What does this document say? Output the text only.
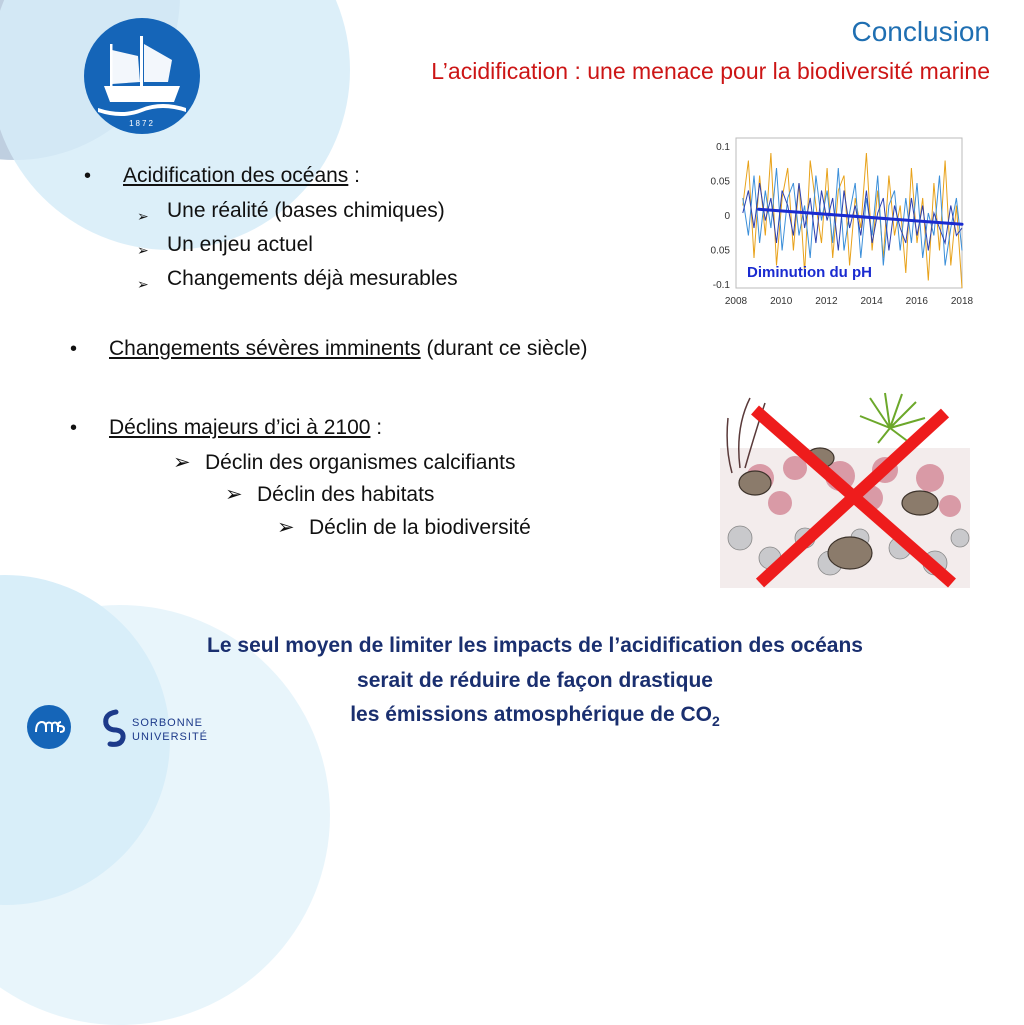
1872
Conclusion
L’acidification : une menace pour la biodiversité marine
• Acidification des océans :
➢ Une réalité (bases chimiques)
➢ Un enjeu actuel
➢ Changements déjà mesurables
0.1
0.05
0
0.05
-0.1
2008 2010 2012 2014 2016 2018
Diminution du pH
• Changements sévères imminents (durant ce siècle)
• Déclins majeurs d’ici à 2100 :
➢ Déclin des organismes calcifiants
➢ Déclin des habitats
➢ Déclin de la biodiversité
Le seul moyen de limiter les impacts de l’acidification des océans
serait de réduire de façon drastique
les émissions atmosphérique de $CO_2$
SORBONNE
UNIVERSITÉ
